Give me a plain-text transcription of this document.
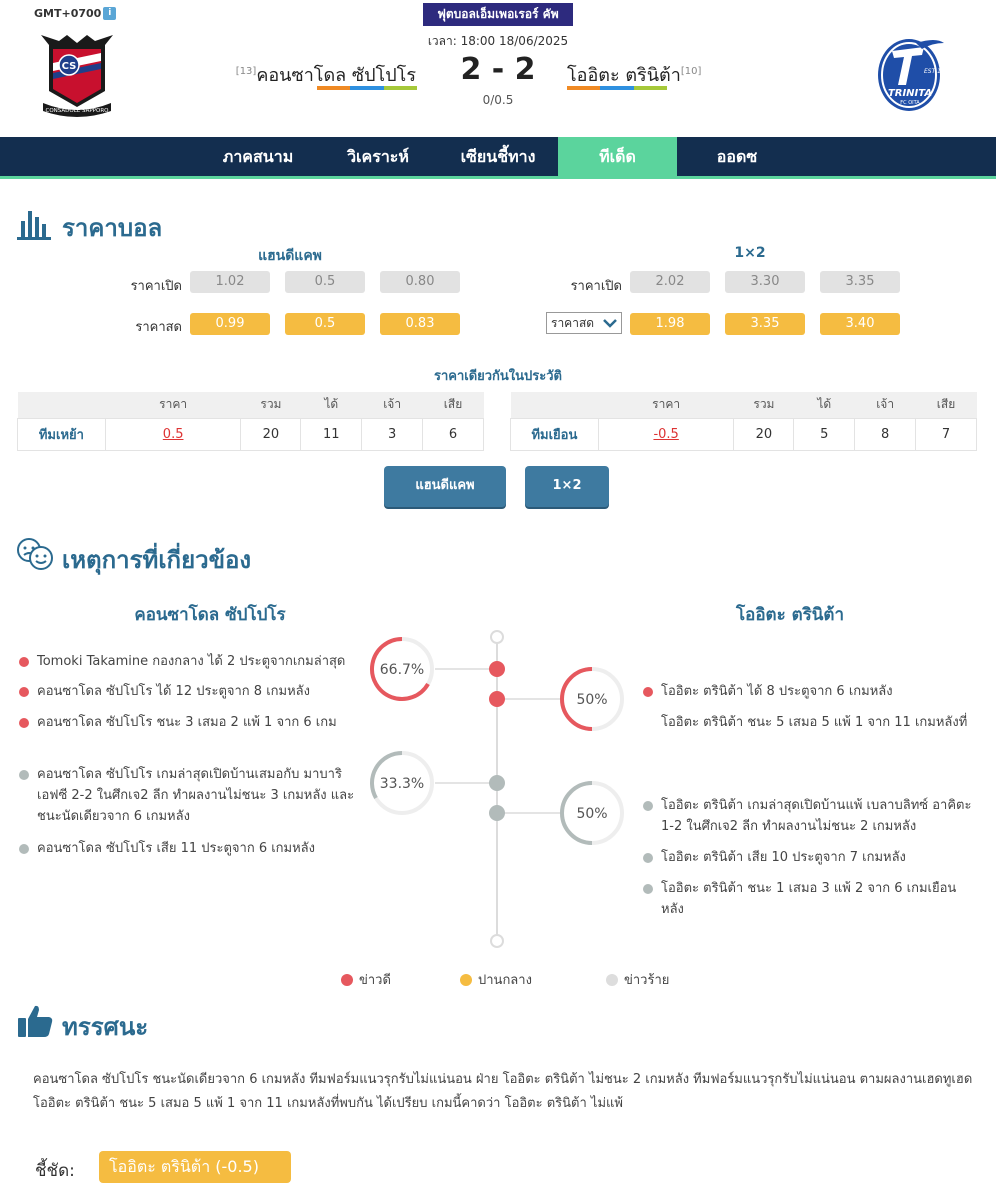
GMT+0700 i	ฟุตบอลเอ็มเพอเรอร์ คัพ
เวลา: 18:00 18/06/2025
CS
CONSADOLE SAPPORO
EST 1994
TRINITA
FC OITA
[13]คอนซาโดล ซัปโปโร	2 - 2
0/0.5
โออิตะ ตรินิต้า[10]
ภาคสนาม	วิเคราะห์	เซียนชี้ทาง	ทีเด็ด	ออดซ
ราคาบอล
แฮนดีแคพ	1×2
ราคาเปิด	1.02	0.5	0.80
ราคาสด	0.99	0.5	0.83
ราคาเปิด	2.02	3.30	3.35
ราคาสด	1.98	3.35	3.40
ราคาเดียวกันในประวัติ
	ราคา	รวม	ได้	เจ้า	เสีย
ทีมเหย้า	0.5	20	11	3	6
	ราคา	รวม	ได้	เจ้า	เสีย
ทีมเยือน	-0.5	20	5	8	7
แฮนดีแคพ	1×2
เหตุการที่เกี่ยวข้อง
คอนซาโดล ซัปโปโร	โออิตะ ตรินิต้า
66.7%
50%
33.3%
50%
Tomoki Takamine กองกลาง ได้ 2 ประตูจากเกมล่าสุด
คอนซาโดล ซัปโปโร ได้ 12 ประตูจาก 8 เกมหลัง
คอนซาโดล ซัปโปโร ชนะ 3 เสมอ 2 แพ้ 1 จาก 6 เกม
คอนซาโดล ซัปโปโร เกมล่าสุดเปิดบ้านเสมอกับ มาบาริ เอฟซี 2-2 ในศึกเจ2 ลีก ทำผลงานไม่ชนะ 3 เกมหลัง และชนะนัดเดียวจาก 6 เกมหลัง
คอนซาโดล ซัปโปโร เสีย 11 ประตูจาก 6 เกมหลัง
โออิตะ ตรินิต้า ได้ 8 ประตูจาก 6 เกมหลัง
โออิตะ ตรินิต้า ชนะ 5 เสมอ 5 แพ้ 1 จาก 11 เกมหลังที่
โออิตะ ตรินิต้า เกมล่าสุดเปิดบ้านแพ้ เบลาบลิทซ์ อาคิตะ 1-2 ในศึกเจ2 ลีก ทำผลงานไม่ชนะ 2 เกมหลัง
โออิตะ ตรินิต้า เสีย 10 ประตูจาก 7 เกมหลัง
โออิตะ ตรินิต้า ชนะ 1 เสมอ 3 แพ้ 2 จาก 6 เกมเยือนหลัง
ข่าวดี	ปานกลาง	ข่าวร้าย
ทรรศนะ
คอนซาโดล ซัปโปโร ชนะนัดเดียวจาก 6 เกมหลัง ทีมฟอร์มแนวรุกรับไม่แน่นอน ฝ่าย โออิตะ ตรินิต้า ไม่ชนะ 2 เกมหลัง ทีมฟอร์มแนวรุกรับไม่แน่นอน ตามผลงานเฮดทูเฮด โออิตะ ตรินิต้า ชนะ 5 เสมอ 5 แพ้ 1 จาก 11 เกมหลังที่พบกัน ได้เปรียบ เกมนี้คาดว่า โออิตะ ตรินิต้า ไม่แพ้
ชี้ชัด:	โออิตะ ตรินิต้า (-0.5)
